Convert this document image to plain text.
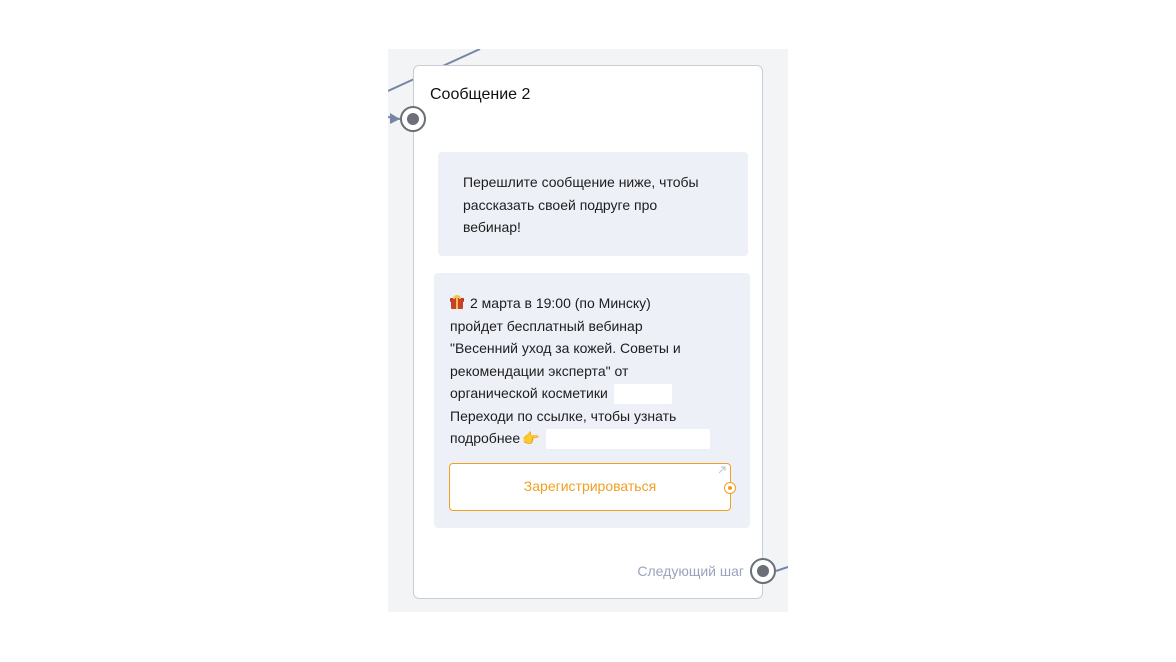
Сообщение 2
Перешлите сообщение ниже, чтобы
рассказать своей подруге про
вебинар!
2 марта в 19:00 (по Минску)
пройдет бесплатный вебинар
"Весенний уход за кожей. Советы и
рекомендации эксперта" от
органической косметики
Переходи по ссылке, чтобы узнать
подробнее 👉
Зарегистрироваться
Следующий шаг
